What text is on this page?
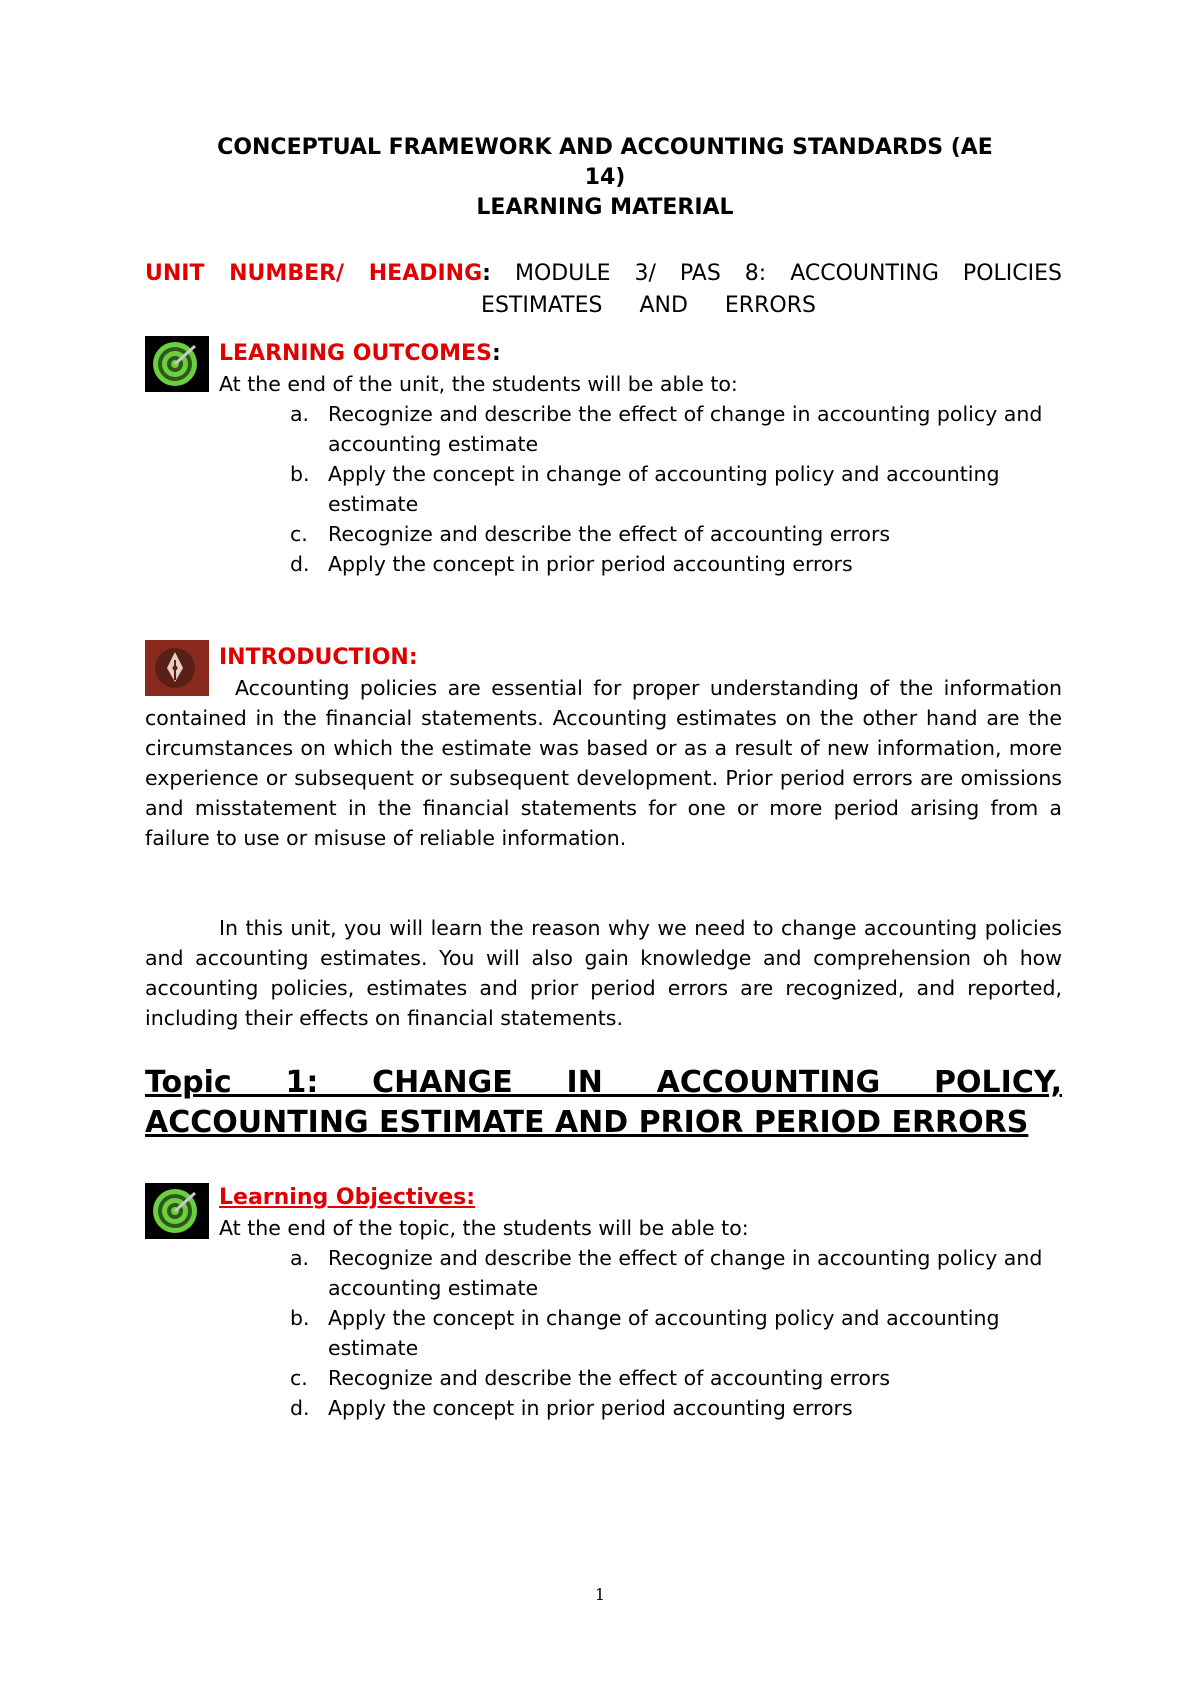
CONCEPTUAL FRAMEWORK AND ACCOUNTING STANDARDS (AE
14)
LEARNING MATERIAL
UNIT NUMBER/ HEADING: MODULE 3/ PAS 8: ACCOUNTING POLICIES
ESTIMATES AND ERRORS
LEARNING OUTCOMES:
At the end of the unit, the students will be able to:
a. Recognize and describe the effect of change in accounting policy and accounting estimate
b. Apply the concept in change of accounting policy and accounting estimate
c. Recognize and describe the effect of accounting errors
d. Apply the concept in prior period accounting errors
INTRODUCTION:

Accounting policies are essential for proper understanding of the information contained in the financial statements. Accounting estimates on the other hand are the circumstances on which the estimate was based or as a result of new information, more experience or subsequent or subsequent development. Prior period errors are omissions and misstatement in the financial statements for one or more period arising from a failure to use or misuse of reliable information.

In this unit, you will learn the reason why we need to change accounting policies and accounting estimates. You will also gain knowledge and comprehension oh how accounting policies, estimates and prior period errors are recognized, and reported, including their effects on financial statements.

Topic 1: CHANGE IN ACCOUNTING POLICY,
ACCOUNTING ESTIMATE AND PRIOR PERIOD ERRORS
Learning Objectives:
At the end of the topic, the students will be able to:
a. Recognize and describe the effect of change in accounting policy and accounting estimate
b. Apply the concept in change of accounting policy and accounting estimate
c. Recognize and describe the effect of accounting errors
d. Apply the concept in prior period accounting errors
1
